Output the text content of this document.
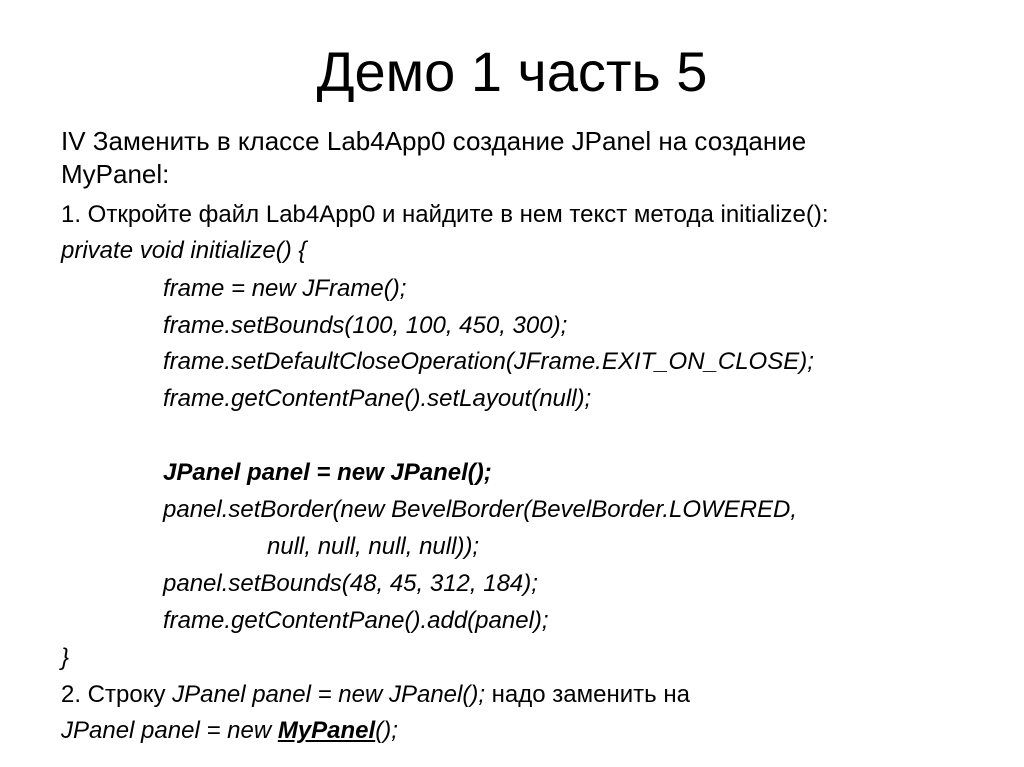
Демо 1 часть 5
IV Заменить в классе Lab4App0 создание JPanel на создание
MyPanel:
1. Откройте файл Lab4App0 и найдите в нем текст метода initialize():
private void initialize() {
frame = new JFrame();
frame.setBounds(100, 100, 450, 300);
frame.setDefaultCloseOperation(JFrame.EXIT_ON_CLOSE);
frame.getContentPane().setLayout(null);
JPanel panel = new JPanel();
panel.setBorder(new BevelBorder(BevelBorder.LOWERED,
null, null, null, null));
panel.setBounds(48, 45, 312, 184);
frame.getContentPane().add(panel);
}
2. Строку JPanel panel = new JPanel(); надо заменить на
JPanel panel = new MyPanel();
